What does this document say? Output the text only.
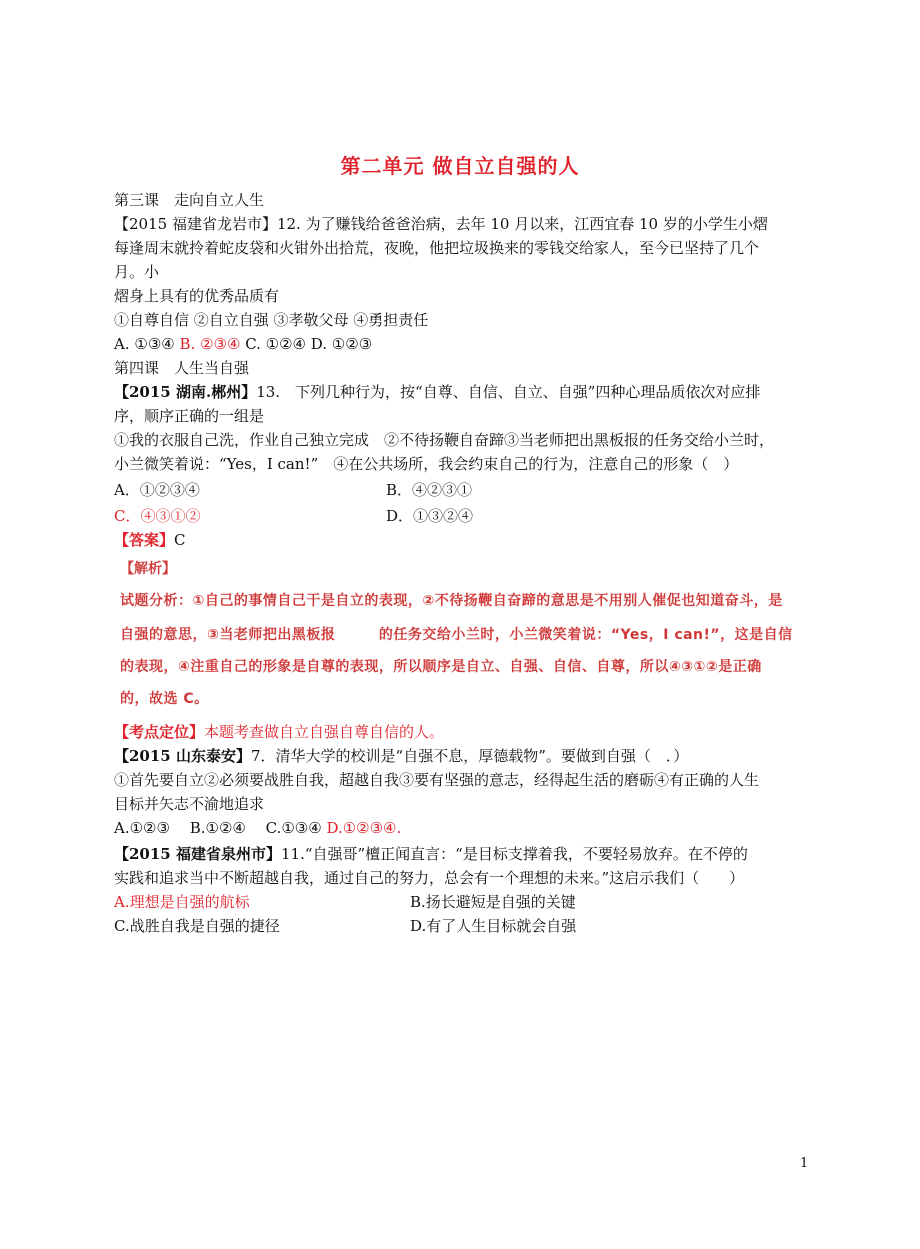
第二单元 做自立自强的人
第三课　走向自立人生
【2015 福建省龙岩市】12. 为了赚钱给爸爸治病，去年 10 月以来，江西宜春 10 岁的小学生小熠
每逢周末就拎着蛇皮袋和火钳外出拾荒，夜晚，他把垃圾换来的零钱交给家人，至今已坚持了几个
月。小
熠身上具有的优秀品质有
①自尊自信 ②自立自强 ③孝敬父母 ④勇担责任
A. ①③④ B. ②③④ C. ①②④ D. ①②③
第四课　人生当自强
【2015 湖南.郴州】13.　下列几种行为，按“自尊、自信、自立、自强”四种心理品质依次对应排
序，顺序正确的一组是
①我的衣服自己洗，作业自己独立完成　②不待扬鞭自奋蹄③当老师把出黑板报的任务交给小兰时，
小兰微笑着说：“Yes，I can!”　④在公共场所，我会约束自己的行为，注意自己的形象（　）
A．①②③④	B．④②③①
C．④③①②	D．①③②④
【答案】C
【解析】
试题分析：①自己的事情自己干是自立的表现，②不待扬鞭自奋蹄的意思是不用别人催促也知道奋斗，是
自强的意思，③当老师把出黑板报　　　的任务交给小兰时，小兰微笑着说：“Yes，I can!”，这是自信
的表现，④注重自己的形象是自尊的表现，所以顺序是自立、自强、自信、自尊，所以④③①②是正确
的，故选 C。
【考点定位】本题考查做自立自强自尊自信的人。
【2015 山东泰安】7．清华大学的校训是“自强不息，厚德载物”。要做到自强（　．）
①首先要自立②必须要战胜自我，超越自我③要有坚强的意志，经得起生活的磨砺④有正确的人生
目标并矢志不渝地追求
A.①②③　 B.①②④　 C.①③④ D.①②③④.
【2015 福建省泉州市】11.“自强哥”檀正闻直言：“是目标支撑着我，不要轻易放弃。在不停的
实践和追求当中不断超越自我，通过自己的努力，总会有一个理想的未来。”这启示我们（　　）
A.理想是自强的航标	B.扬长避短是自强的关键
C.战胜自我是自强的捷径	D.有了人生目标就会自强
1
